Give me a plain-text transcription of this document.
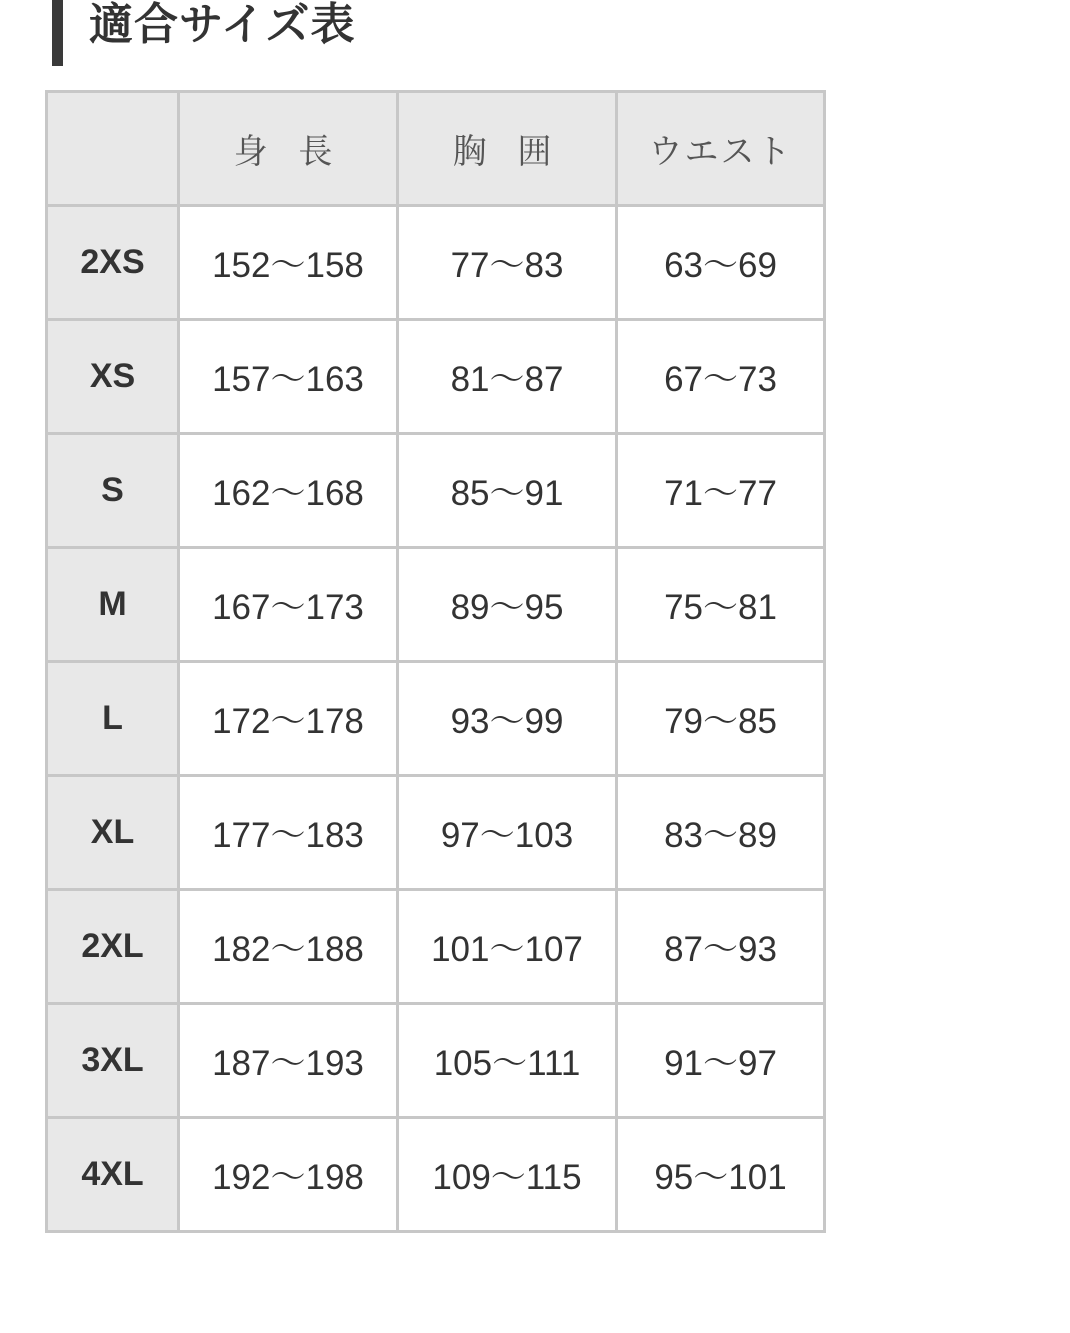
適合サイズ表
	身 長	胸 囲	ウエスト
2XS	152〜158	77〜83	63〜69
XS	157〜163	81〜87	67〜73
S	162〜168	85〜91	71〜77
M	167〜173	89〜95	75〜81
L	172〜178	93〜99	79〜85
XL	177〜183	97〜103	83〜89
2XL	182〜188	101〜107	87〜93
3XL	187〜193	105〜111	91〜97
4XL	192〜198	109〜115	95〜101
